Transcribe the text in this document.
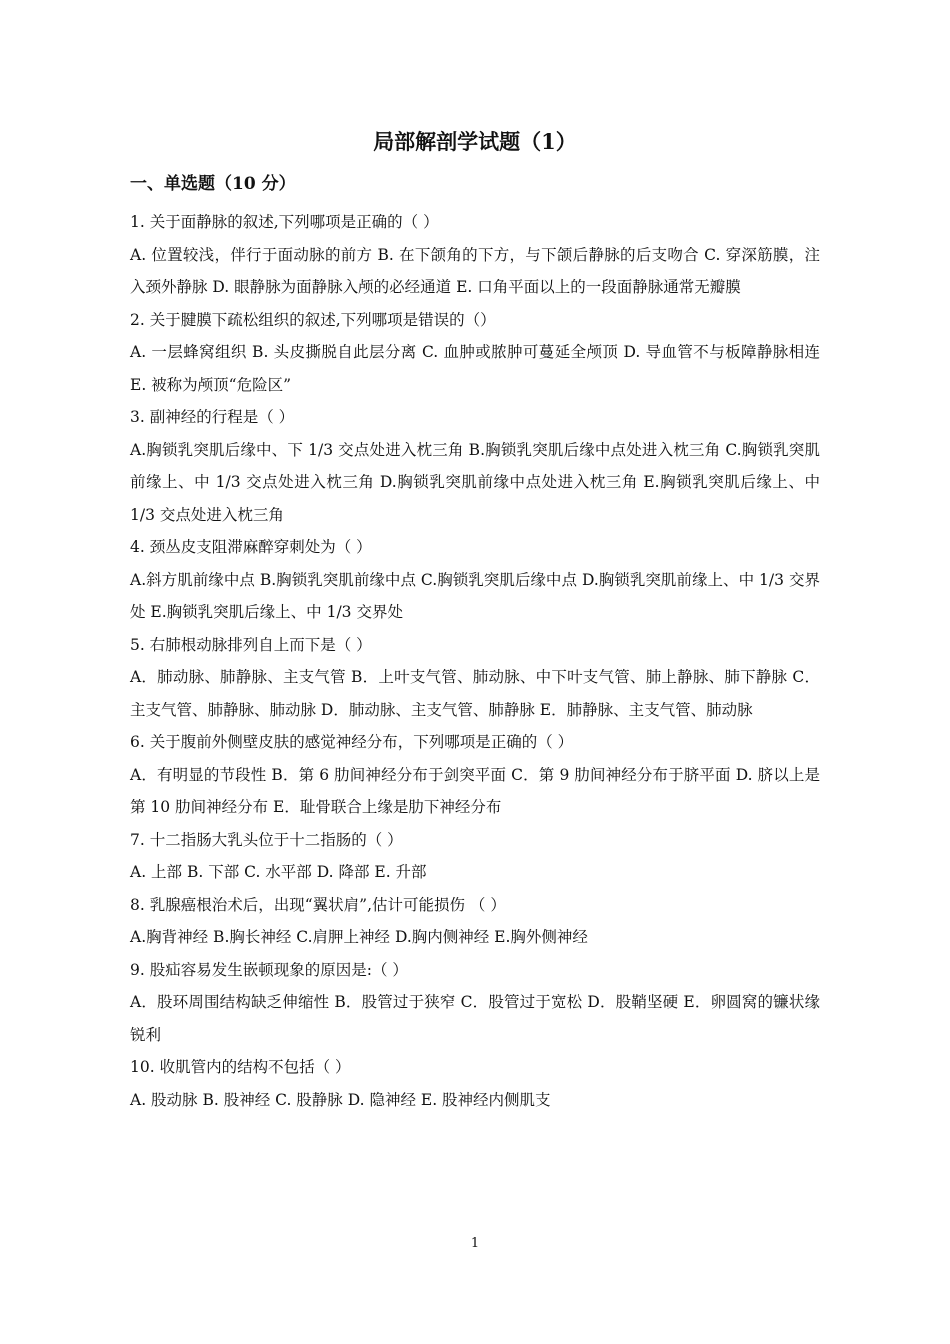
局部解剖学试题（1）
一、单选题（10 分）

1. 关于面静脉的叙述,下列哪项是正确的（ ）

A. 位置较浅，伴行于面动脉的前方 B. 在下颌角的下方，与下颌后静脉的后支吻合 C. 穿深筋膜，注入颈外静脉 D. 眼静脉为面静脉入颅的必经通道 E. 口角平面以上的一段面静脉通常无瓣膜

2. 关于腱膜下疏松组织的叙述,下列哪项是错误的（）

A. 一层蜂窝组织 B. 头皮撕脱自此层分离 C. 血肿或脓肿可蔓延全颅顶 D. 导血管不与板障静脉相连 E. 被称为颅顶“危险区”

3. 副神经的行程是（ ）

A.胸锁乳突肌后缘中、下 1/3 交点处进入枕三角 B.胸锁乳突肌后缘中点处进入枕三角 C.胸锁乳突肌前缘上、中 1/3 交点处进入枕三角 D.胸锁乳突肌前缘中点处进入枕三角 E.胸锁乳突肌后缘上、中 1/3 交点处进入枕三角

4. 颈丛皮支阻滞麻醉穿刺处为（ ）

A.斜方肌前缘中点 B.胸锁乳突肌前缘中点 C.胸锁乳突肌后缘中点 D.胸锁乳突肌前缘上、中 1/3 交界处 E.胸锁乳突肌后缘上、中 1/3 交界处

5. 右肺根动脉排列自上而下是（ ）

A．肺动脉、肺静脉、主支气管 B．上叶支气管、肺动脉、中下叶支气管、肺上静脉、肺下静脉 C．主支气管、肺静脉、肺动脉 D．肺动脉、主支气管、肺静脉 E．肺静脉、主支气管、肺动脉

6. 关于腹前外侧壁皮肤的感觉神经分布，下列哪项是正确的（ ）

A．有明显的节段性 B．第 6 肋间神经分布于剑突平面 C．第 9 肋间神经分布于脐平面 D. 脐以上是第 10 肋间神经分布 E．耻骨联合上缘是肋下神经分布

7. 十二指肠大乳头位于十二指肠的（ ）

A. 上部 B. 下部 C. 水平部 D. 降部 E. 升部

8. 乳腺癌根治术后，出现“翼状肩”,估计可能损伤 （ ）

A.胸背神经 B.胸长神经 C.肩胛上神经 D.胸内侧神经 E.胸外侧神经

9. 股疝容易发生嵌顿现象的原因是:（ ）

A．股环周围结构缺乏伸缩性 B．股管过于狭窄 C．股管过于宽松 D．股鞘坚硬 E．卵圆窝的镰状缘锐利

10. 收肌管内的结构不包括（ ）

A. 股动脉 B. 股神经 C. 股静脉 D. 隐神经 E. 股神经内侧肌支

1
